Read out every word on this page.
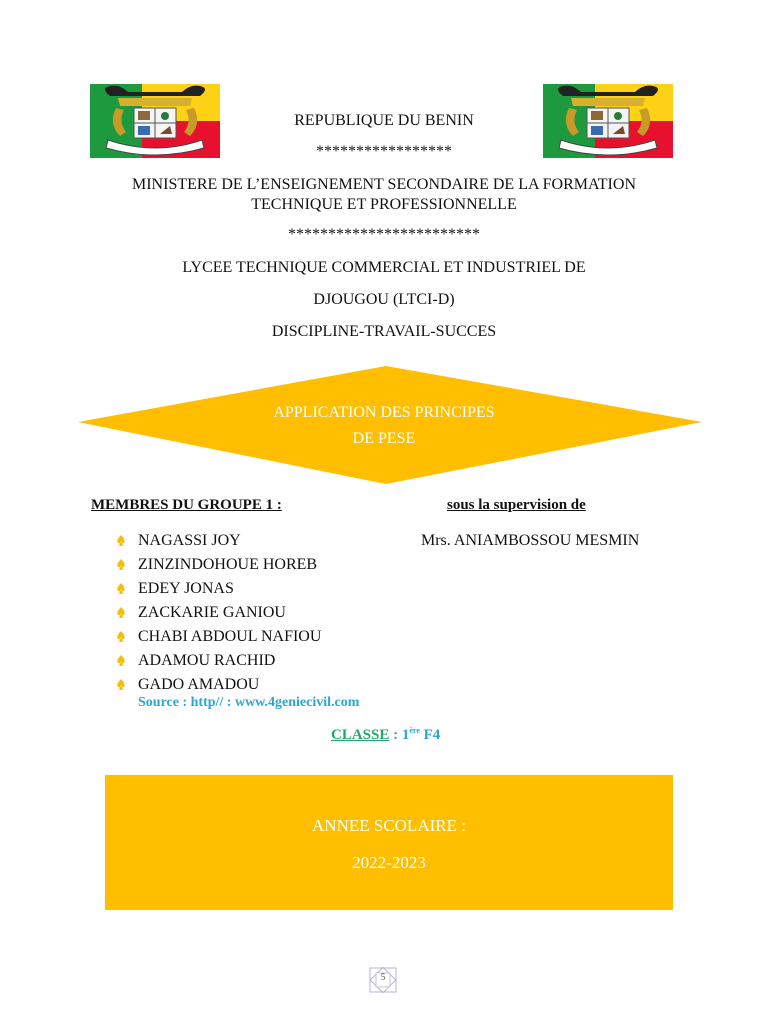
REPUBLIQUE DU BENIN
*****************
MINISTERE DE L’ENSEIGNEMENT SECONDAIRE DE LA FORMATION
TECHNIQUE ET PROFESSIONNELLE
************************
LYCEE TECHNIQUE COMMERCIAL ET INDUSTRIEL DE
DJOUGOU (LTCI-D)
DISCIPLINE-TRAVAIL-SUCCES
APPLICATION DES PRINCIPES
DE PESE
MEMBRES DU GROUPE 1 :	sous la supervision de
Mrs. ANIAMBOSSOU MESMIN
NAGASSI JOY
ZINZINDOHOUE HOREB
EDEY JONAS
ZACKARIE GANIOU
CHABI ABDOUL NAFIOU
ADAMOU RACHID
GADO AMADOU
Source : http// : www.4geniecivil.com
CLASSE : 1ère F4
ANNEE SCOLAIRE :
2022-2023
5
